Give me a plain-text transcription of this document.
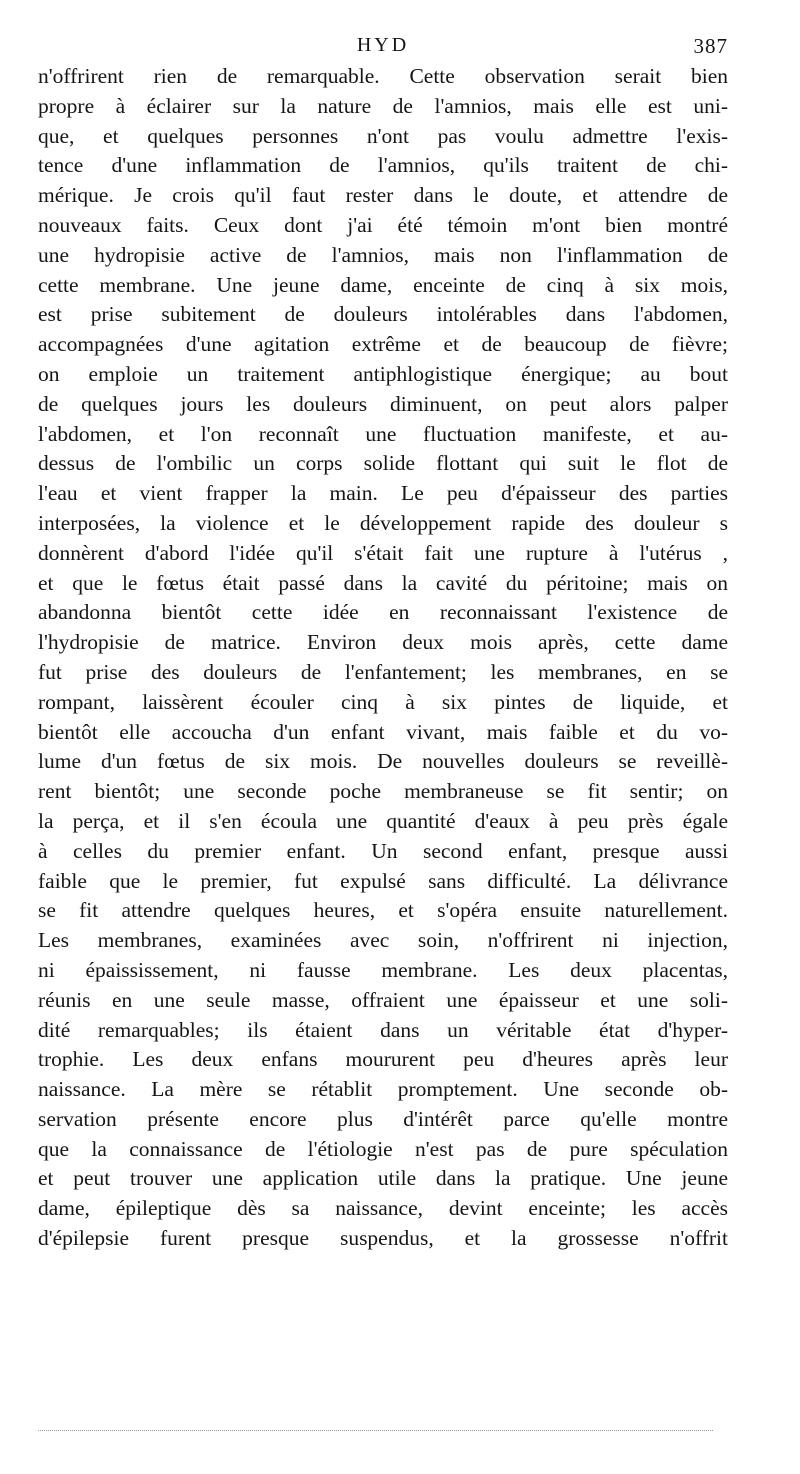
HYD	387
n'offrirent rien de remarquable. Cette observation serait bien
propre à éclairer sur la nature de l'amnios, mais elle est uni-
que, et quelques personnes n'ont pas voulu admettre l'exis-
tence d'une inflammation de l'amnios, qu'ils traitent de chi-
mérique. Je crois qu'il faut rester dans le doute, et attendre de
nouveaux faits. Ceux dont j'ai été témoin m'ont bien montré
une hydropisie active de l'amnios, mais non l'inflammation de
cette membrane. Une jeune dame, enceinte de cinq à six mois,
est prise subitement de douleurs intolérables dans l'abdomen,
accompagnées d'une agitation extrême et de beaucoup de fièvre;
on emploie un traitement antiphlogistique énergique; au bout
de quelques jours les douleurs diminuent, on peut alors palper
l'abdomen, et l'on reconnaît une fluctuation manifeste, et au-
dessus de l'ombilic un corps solide flottant qui suit le flot de
l'eau et vient frapper la main. Le peu d'épaisseur des parties
interposées, la violence et le développement rapide des douleur s
donnèrent d'abord l'idée qu'il s'était fait une rupture à l'utérus ,
et que le fœtus était passé dans la cavité du péritoine; mais on
abandonna bientôt cette idée en reconnaissant l'existence de
l'hydropisie de matrice. Environ deux mois après, cette dame
fut prise des douleurs de l'enfantement; les membranes, en se
rompant, laissèrent écouler cinq à six pintes de liquide, et
bientôt elle accoucha d'un enfant vivant, mais faible et du vo-
lume d'un fœtus de six mois. De nouvelles douleurs se reveillè-
rent bientôt; une seconde poche membraneuse se fit sentir; on
la perça, et il s'en écoula une quantité d'eaux à peu près égale
à celles du premier enfant. Un second enfant, presque aussi
faible que le premier, fut expulsé sans difficulté. La délivrance
se fit attendre quelques heures, et s'opéra ensuite naturellement.
Les membranes, examinées avec soin, n'offrirent ni injection,
ni épaississement, ni fausse membrane. Les deux placentas,
réunis en une seule masse, offraient une épaisseur et une soli-
dité remarquables; ils étaient dans un véritable état d'hyper-
trophie. Les deux enfans moururent peu d'heures après leur
naissance. La mère se rétablit promptement. Une seconde ob-
servation présente encore plus d'intérêt parce qu'elle montre
que la connaissance de l'étiologie n'est pas de pure spéculation
et peut trouver une application utile dans la pratique. Une jeune
dame, épileptique dès sa naissance, devint enceinte; les accès
d'épilepsie furent presque suspendus, et la grossesse n'offrit
